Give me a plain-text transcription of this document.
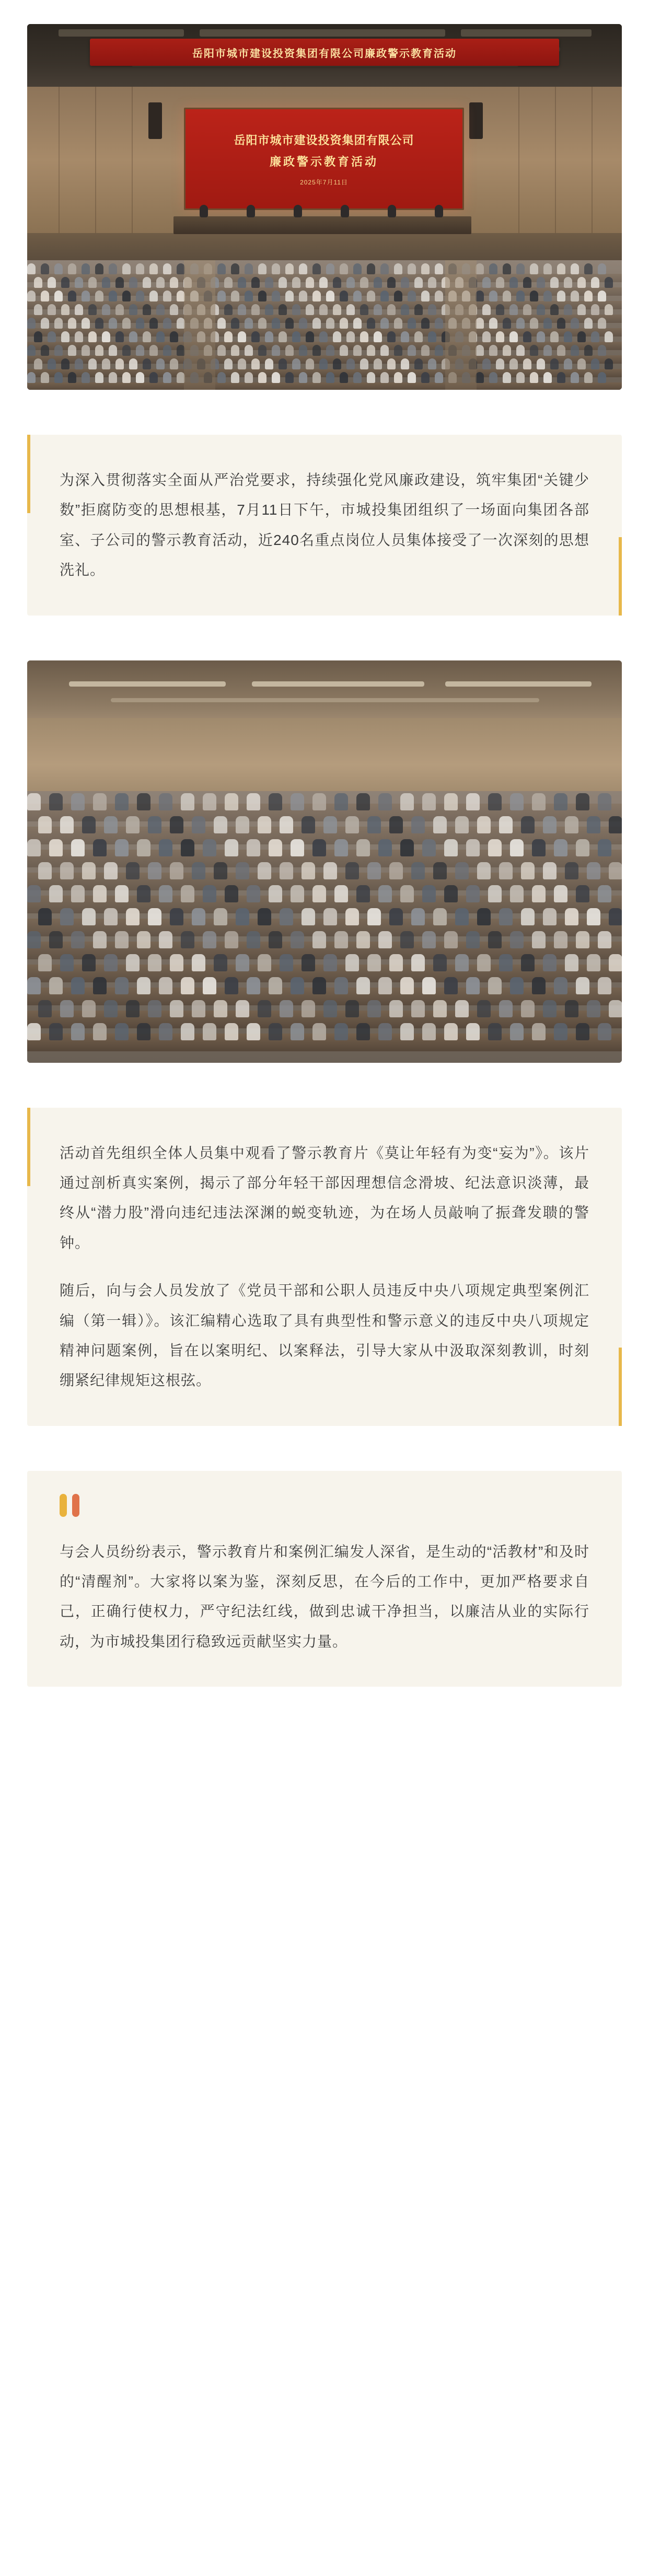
岳阳市城市建设投资集团有限公司廉政警示教育活动
岳阳市城市建设投资集团有限公司
廉政警示教育活动
2025年7月11日

为深入贯彻落实全面从严治党要求，持续强化党风廉政建设，筑牢集团“关键少数”拒腐防变的思想根基，7月11日下午，市城投集团组织了一场面向集团各部室、子公司的警示教育活动，近240名重点岗位人员集体接受了一次深刻的思想洗礼。

活动首先组织全体人员集中观看了警示教育片《莫让年轻有为变“妄为”》。该片通过剖析真实案例，揭示了部分年轻干部因理想信念滑坡、纪法意识淡薄，最终从“潜力股”滑向违纪违法深渊的蜕变轨迹，为在场人员敲响了振聋发聩的警钟。

随后，向与会人员发放了《党员干部和公职人员违反中央八项规定典型案例汇编（第一辑）》。该汇编精心选取了具有典型性和警示意义的违反中央八项规定精神问题案例，旨在以案明纪、以案释法，引导大家从中汲取深刻教训，时刻绷紧纪律规矩这根弦。

与会人员纷纷表示，警示教育片和案例汇编发人深省，是生动的“活教材”和及时的“清醒剂”。大家将以案为鉴，深刻反思，在今后的工作中，更加严格要求自己，正确行使权力，严守纪法红线，做到忠诚干净担当，以廉洁从业的实际行动，为市城投集团行稳致远贡献坚实力量。
